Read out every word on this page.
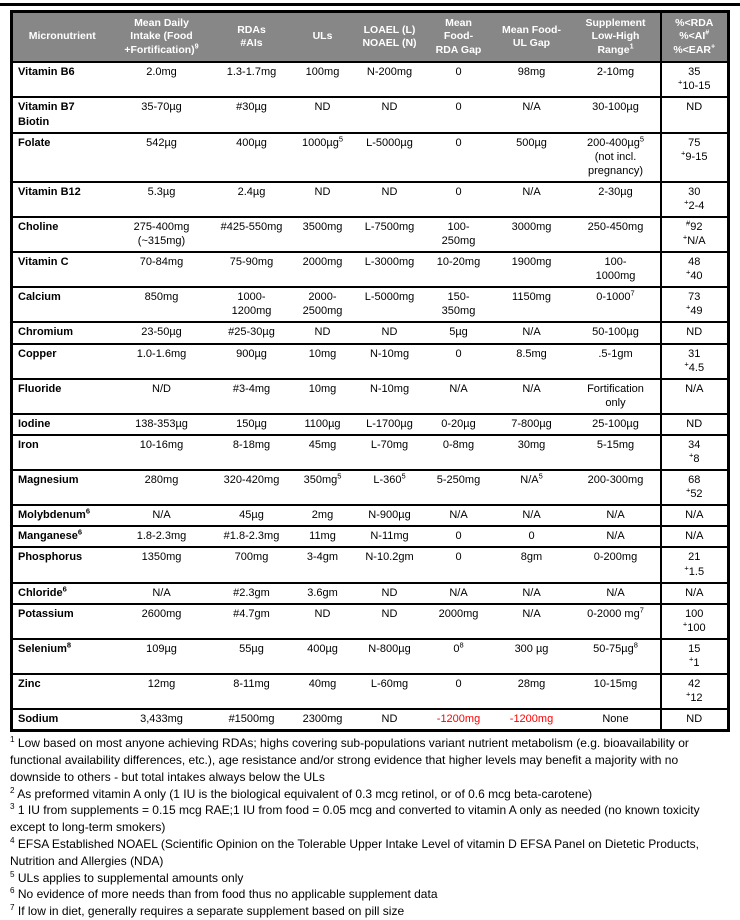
Micronutrient	Mean Daily
Intake (Food
+Fortification)$^9$	RDAs
#AIs	ULs	LOAEL (L)
NOAEL (N)	Mean
Food-
RDA Gap	Mean Food-
UL Gap	Supplement
Low-High
Range$^1$	%<RDA
%<AI#
%<EAR+
Vitamin B6	2.0mg	1.3-1.7mg	100mg	N-200mg	0	98mg	2-10mg	35
+10-15
Vitamin B7
Biotin	35-70µg	#30µg	ND	ND	0	N/A	30-100µg	ND
Folate	542µg	400µg	1000µg$^5$	L-5000µg	0	500µg	200-400µg$^5$
(not incl.
pregnancy)	75
+9-15
Vitamin B12	5.3µg	2.4µg	ND	ND	0	N/A	2-30µg	30
+2-4
Choline	275-400mg
(~315mg)	#425-550mg	3500mg	L-7500mg	100-
250mg	3000mg	250-450mg	#92
+N/A
Vitamin C	70-84mg	75-90mg	2000mg	L-3000mg	10-20mg	1900mg	100-
1000mg	48
+40
Calcium	850mg	1000-
1200mg	2000-
2500mg	L-5000mg	150-
350mg	1150mg	0-1000$^7$	73
+49
Chromium	23-50µg	#25-30µg	ND	ND	5µg	N/A	50-100µg	ND
Copper	1.0-1.6mg	900µg	10mg	N-10mg	0	8.5mg	.5-1gm	31
+4.5
Fluoride	N/D	#3-4mg	10mg	N-10mg	N/A	N/A	Fortification
only	N/A
Iodine	138-353µg	150µg	1100µg	L-1700µg	0-20µg	7-800µg	25-100µg	ND
Iron	10-16mg	8-18mg	45mg	L-70mg	0-8mg	30mg	5-15mg	34
+8
Magnesium	280mg	320-420mg	$350mg^5$	$L-360^5$	5-250mg	$N/A^5$	200-300mg	68
+52
Molybdenum$^6$	N/A	45µg	2mg	N-900µg	N/A	N/A	N/A	N/A
Manganese$^6$	1.8-2.3mg	#1.8-2.3mg	11mg	N-11mg	0	0	N/A	N/A
Phosphorus	1350mg	700mg	3-4gm	N-10.2gm	0	8gm	0-200mg	21
+1.5
Chloride$^6$	N/A	#2.3gm	3.6gm	ND	N/A	N/A	N/A	N/A
Potassium	2600mg	#4.7gm	ND	ND	2000mg	N/A	0-2000 $mg^7$	100
+100
Selenium$^8$	109µg	55µg	400µg	N-800µg	$0^8$	300 µg	50-75µg$^8$	15
+1
Zinc	12mg	8-11mg	40mg	L-60mg	0	28mg	10-15mg	42
+12
Sodium	3,433mg	#1500mg	2300mg	ND	-1200mg	-1200mg	None	ND
$^1$ Low based on most anyone achieving RDAs; highs covering sub-populations variant nutrient metabolism (e.g. bioavailability or functional availability differences, etc.), age resistance and/or strong evidence that higher levels may benefit a majority with no downside to others - but total intakes always below the ULs
$^2$ As preformed vitamin A only (1 IU is the biological equivalent of 0.3 mcg retinol, or of 0.6 mcg beta-carotene)
$^3$ 1 IU from supplements = 0.15 mcg RAE;1 IU from food = 0.05 mcg and converted to vitamin A only as needed (no known toxicity except to long-term smokers)
$^4$ EFSA Established NOAEL (Scientific Opinion on the Tolerable Upper Intake Level of vitamin D EFSA Panel on Dietetic Products, Nutrition and Allergies (NDA)
$^5$ ULs applies to supplemental amounts only
$^6$ No evidence of more needs than from food thus no applicable supplement data
$^7$ If low in diet, generally requires a separate supplement based on pill size
